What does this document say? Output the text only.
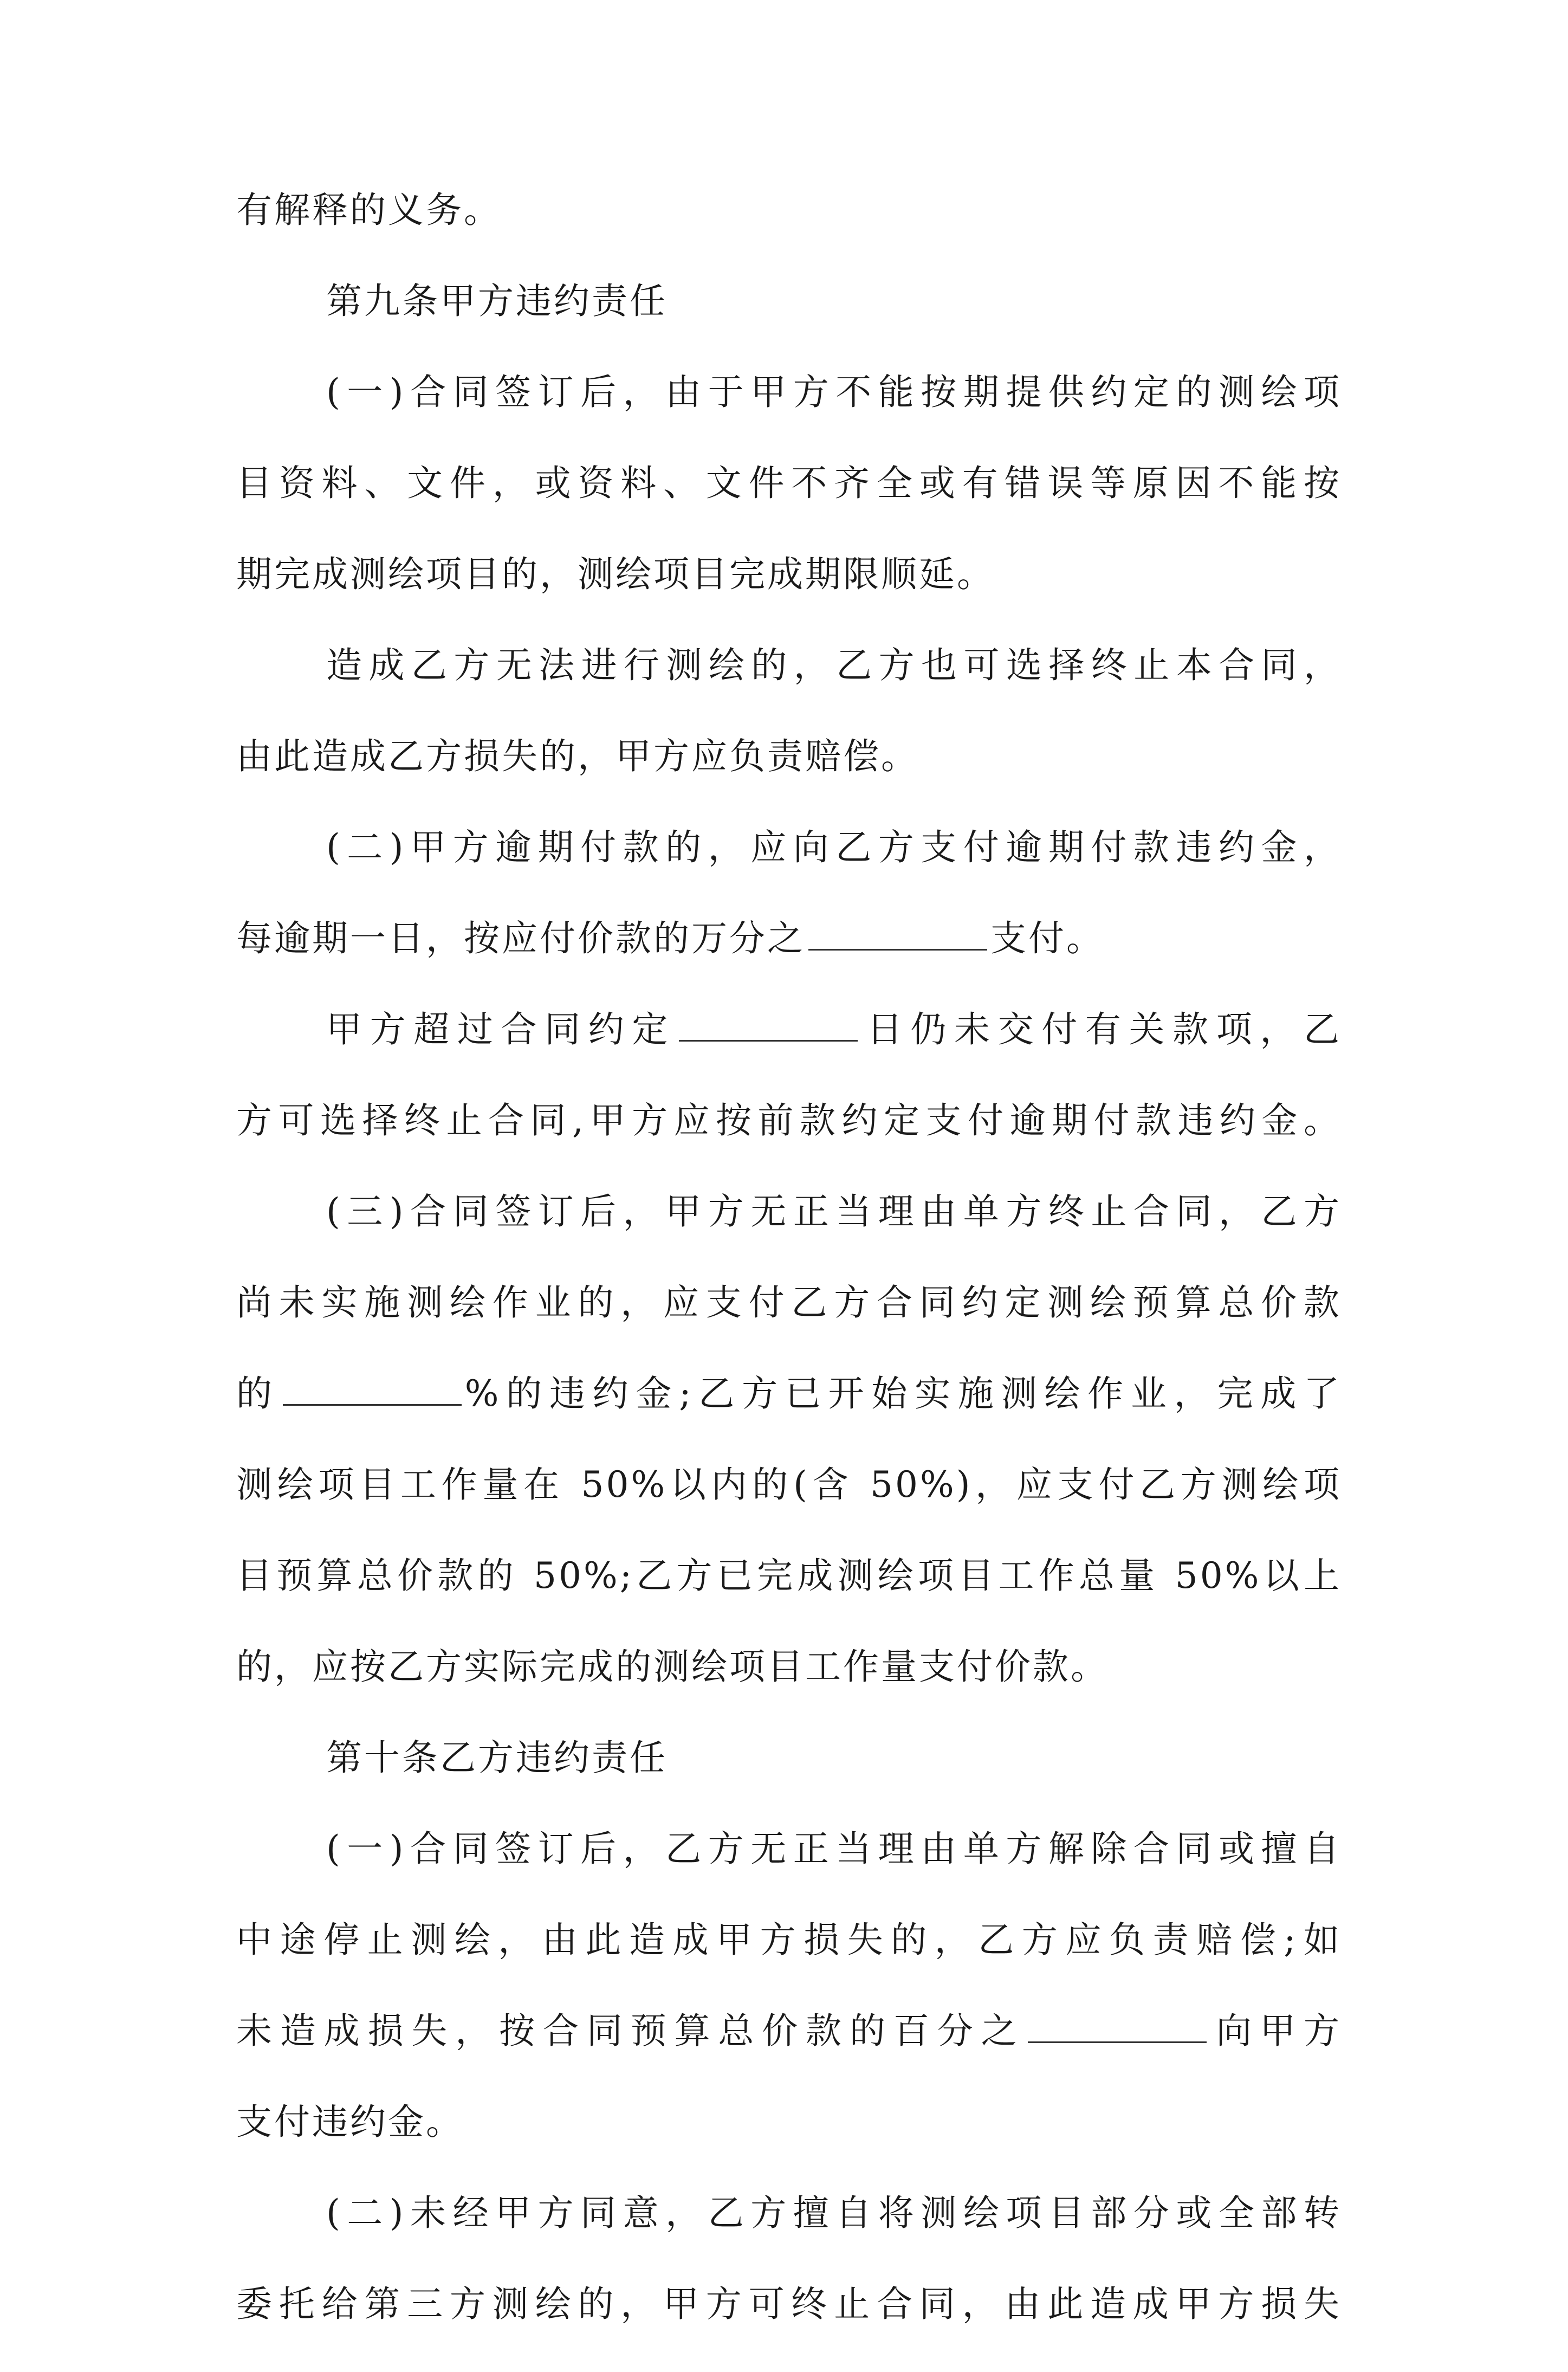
有解释的义务。
第九条甲方违约责任
(一)合同签订后，由于甲方不能按期提供约定的测绘项
目资料、文件，或资料、文件不齐全或有错误等原因不能按
期完成测绘项目的，测绘项目完成期限顺延。
造成乙方无法进行测绘的，乙方也可选择终止本合同，
由此造成乙方损失的，甲方应负责赔偿。
(二)甲方逾期付款的，应向乙方支付逾期付款违约金，
每逾期一日，按应付价款的万分之	支付。
甲方超过合同约定	日仍未交付有关款项，乙
方可选择终止合同,甲方应按前款约定支付逾期付款违约金。
(三)合同签订后，甲方无正当理由单方终止合同，乙方
尚未实施测绘作业的，应支付乙方合同约定测绘预算总价款
的	%的违约金;乙方已开始实施测绘作业，完成了
测绘项目工作量在 50%以内的(含 50%)，应支付乙方测绘项
目预算总价款的 50%;乙方已完成测绘项目工作总量 50%以上
的，应按乙方实际完成的测绘项目工作量支付价款。
第十条乙方违约责任
(一)合同签订后，乙方无正当理由单方解除合同或擅自
中途停止测绘，由此造成甲方损失的，乙方应负责赔偿;如
未造成损失，按合同预算总价款的百分之	向甲方
支付违约金。
(二)未经甲方同意，乙方擅自将测绘项目部分或全部转
委托给第三方测绘的，甲方可终止合同，由此造成甲方损失
